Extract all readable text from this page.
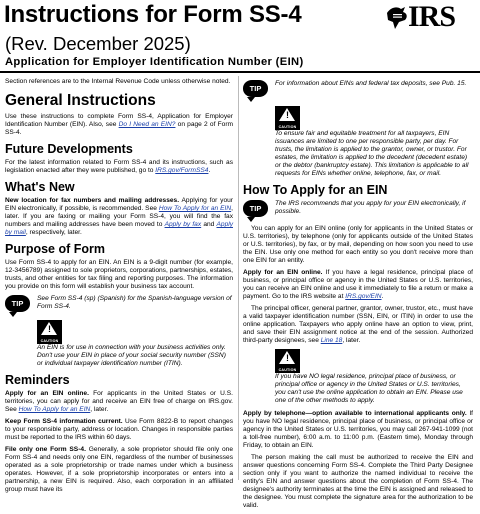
Instructions for Form SS-4
(Rev. December 2025)
Application for Employer Identification Number (EIN)
IRS

Section references are to the Internal Revenue Code unless otherwise noted.

General Instructions

Use these instructions to complete Form SS-4, Application for Employer Identification Number (EIN). Also, see Do I Need an EIN? on page 2 of Form SS-4.

Future Developments

For the latest information related to Form SS-4 and its instructions, such as legislation enacted after they were published, go to IRS.gov/FormSS4.

What's New

New location for fax numbers and mailing addresses. Applying for your EIN electronically, if possible, is recommended. See How To Apply for an EIN, later. If you are faxing or mailing your Form SS-4, you will find the fax numbers and mailing addresses have been moved to Apply by fax and Apply by mail, respectively, later.

Purpose of Form

Use Form SS-4 to apply for an EIN. An EIN is a 9-digit number (for example, 12-3456789) assigned to sole proprietors, corporations, partnerships, estates, trusts, and other entities for tax filing and reporting purposes. The information you provide on this form will establish your business tax account.

TIP
See Form SS-4 (sp) (Spanish) for the Spanish-language version of Form SS-4.
!
CAUTION
An EIN is for use in connection with your business activities only. Don't use your EIN in place of your social security number (SSN) or individual taxpayer identification number (ITIN).
Reminders

Apply for an EIN online. For applicants in the United States or U.S. territories, you can apply for and receive an EIN free of charge on IRS.gov. See How To Apply for an EIN, later.

Keep Form SS-4 information current. Use Form 8822-B to report changes to your responsible party, address or location. Changes in responsible parties must be reported to the IRS within 60 days.

File only one Form SS-4. Generally, a sole proprietor should file only one Form SS-4 and needs only one EIN, regardless of the number of businesses operated as a sole proprietorship or trade names under which a business operates. However, if a sole proprietorship incorporates or enters into a partnership, a new EIN is required. Also, each corporation in an affiliated group must have its

TIP
For information about EINs and federal tax deposits, see Pub. 15.
!
CAUTION
To ensure fair and equitable treatment for all taxpayers, EIN issuances are limited to one per responsible party, per day. For trusts, the limitation is applied to the grantor, owner, or trustor. For estates, the limitation is applied to the decedent (decedent estate) or the debtor (bankruptcy estate). This limitation is applicable to all requests for EINs whether online, telephone, fax, or mail.
How To Apply for an EIN
TIP
The IRS recommends that you apply for your EIN electronically, if possible.

You can apply for an EIN online (only for applicants in the United States or U.S. territories), by telephone (only for applicants outside of the United States or U.S. territories), by fax, or by mail, depending on how soon you need to use the EIN. Use only one method for each entity so you don't receive more than one EIN for an entity.

Apply for an EIN online. If you have a legal residence, principal place of business, or principal office or agency in the United States or U.S. territories, you can receive an EIN online and use it immediately to file a return or make a payment. Go to the IRS website at IRS.gov/EIN.

The principal officer, general partner, grantor, owner, trustor, etc., must have a valid taxpayer identification number (SSN, EIN, or ITIN) in order to use the online application. Taxpayers who apply online have an option to view, print, and save their EIN assignment notice at the end of the session. Authorized third-party designees, see Line 18, later.

!
CAUTION
If you have NO legal residence, principal place of business, or principal office or agency in the United States or U.S. territories, you can't use the online application to obtain an EIN. Please use one of the other methods to apply.

Apply by telephone—option available to international applicants only. If you have NO legal residence, principal place of business, or principal office or agency in the United States or U.S. territories, you may call 267-941-1099 (not a toll-free number), 6:00 a.m. to 11:00 p.m. (Eastern time), Monday through Friday, to obtain an EIN.

The person making the call must be authorized to receive the EIN and answer questions concerning Form SS-4. Complete the Third Party Designee section only if you want to authorize the named individual to receive the entity's EIN and answer questions about the completion of Form SS-4. The designee's authority terminates at the time the EIN is assigned and released to the designee. You must complete the signature area for the authorization to be valid.
